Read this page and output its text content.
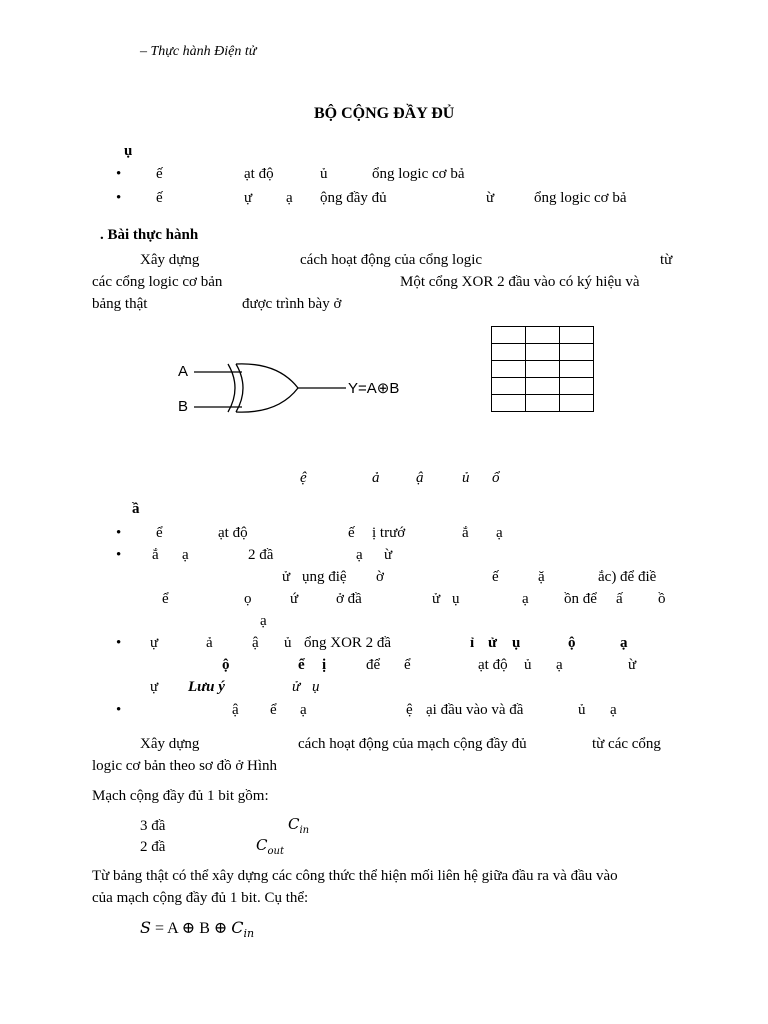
– Thực hành Điện tử
BỘ CỘNG ĐẦY ĐỦ
ụ
• ế	ạt độ	ủ	ổng logic cơ bả
• ế	ự ạ ộng đầy đủ	ừ	ổng logic cơ bả
. Bài thực hành
Xây dựng	cách hoạt động của cổng logic	từ
các cổng logic cơ bản	Một cổng XOR 2 đầu vào có ký hiệu và
bảng thật	được trình bày ở
A
B
Y=A⊕B

ệ	ả ậ	ủ ổ
ầ
• ể	ạt độ	ế ị trướ	ắ ạ
• ắ ạ	2 đầ	ạ ừ
ử ụng điệ ờ	ế	ặ	ắc) để điề
ể	ọ	ứ	ở đầ	ử ụ	ạ ồn để ấ ồ
ạ
• ự	ả	ậ ủ ổng XOR 2 đầ	ỉ ử ụ	ộ	ạ
ộ	ể ị	để ể	ạt độ ủ ạ	ừ
ự Lưu ý	ử ụ
•	ậ ể ạ	ệ ại đầu vào và đầ	ủ ạ
Xây dựng	cách hoạt động của mạch cộng đầy đủ	từ các cổng
logic cơ bản theo sơ đồ ở Hình
Mạch cộng đầy đủ 1 bit gồm:
3 đầ	$C_{in}$
2 đầ	$C_{out}$
Từ bảng thật có thể xây dựng các công thức thể hiện mối liên hệ giữa đầu ra và đầu vào
của mạch cộng đầy đủ 1 bit. Cụ thể:
S = A ⊕ B ⊕ $C_{in}$
